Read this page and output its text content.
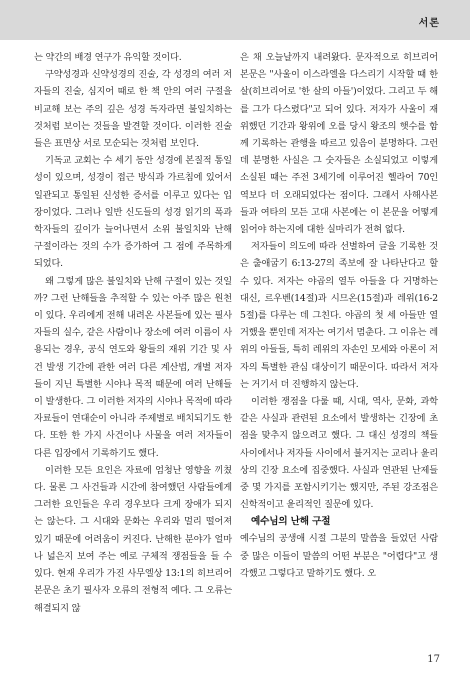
서론

는 약간의 배경 연구가 유익할 것이다.

구약성경과 신약성경의 진술, 각 성경의 여러 저자들의 진술, 심지어 때로 한 책 안의 여러 구절을 비교해 보는 주의 깊은 성경 독자라면 불일치하는 것처럼 보이는 것들을 발견할 것이다. 이러한 진술들은 표면상 서로 모순되는 것처럼 보인다.

기독교 교회는 수 세기 동안 성경에 본질적 통일성이 있으며, 성경이 접근 방식과 가르침에 있어서 일관되고 통일된 신성한 증서를 이루고 있다는 입장이었다. 그러나 일반 신도들의 성경 읽기의 폭과 학자들의 깊이가 늘어나면서 소위 불일치와 난해 구절이라는 것의 수가 증가하여 그 점에 주목하게 되었다.

왜 그렇게 많은 불일치와 난해 구절이 있는 것일까? 그런 난해들을 추적할 수 있는 아주 많은 원천이 있다. 우리에게 전해 내려온 사본들에 있는 필사자들의 실수, 같은 사람이나 장소에 여러 이름이 사용되는 경우, 공식 연도와 왕들의 재위 기간 및 사건 발생 기간에 관한 여러 다른 계산법, 개별 저자들이 지닌 특별한 시야나 목적 때문에 여러 난해들이 발생한다. 그 이러한 저자의 시야나 목적에 따라 자료들이 연대순이 아니라 주제별로 배치되기도 한다. 또한 한 가지 사건이나 사물을 여러 저자들이 다른 입장에서 기록하기도 했다.

이러한 모든 요인은 자료에 엄청난 영향을 끼쳤다. 물론 그 사건들과 시간에 참여했던 사람들에게 그러한 요인들은 우리 경우보다 크게 장애가 되지는 않는다. 그 시대와 문화는 우리와 멀리 떨어져 있기 때문에 어려움이 커진다. 난해한 분야가 얼마나 넓은지 보여 주는 예로 구체적 쟁점들을 들 수 있다. 현재 우리가 가진 사무엘상 13:1의 히브리어 본문은 초기 필사자 오류의 전형적 예다. 그 오류는 해결되지 않

은 채 오늘날까지 내려왔다. 문자적으로 히브리어 본문은 "사울이 이스라엘을 다스리기 시작할 때 한 살(히브리어로 '한 살의 아들')이었다. 그리고 두 해를 그가 다스렸다"고 되어 있다. 저자가 사울이 재위했던 기간과 왕위에 오를 당시 왕조의 햇수를 함께 기록하는 관행을 따르고 있음이 분명하다. 그런데 분명한 사실은 그 숫자들은 소실되었고 이렇게 소실된 때는 주전 3세기에 이루어진 헬라어 70인역보다 더 오래되었다는 점이다. 그래서 사해사본들과 여타의 모든 고대 사본에는 이 본문을 어떻게 읽어야 하는지에 대한 실마리가 전혀 없다.

저자들이 의도에 따라 선별하여 글을 기록한 것은 출애굽기 6:13-27의 족보에 잘 나타난다고 할 수 있다. 저자는 야곱의 열두 아들을 다 거명하는 대신, 르우벤(14절)과 시므온(15절)과 레위(16-25절)를 다루는 데 그친다. 야곱의 첫 세 아들만 열거했을 뿐인데 저자는 여기서 멈춘다. 그 이유는 레위의 아들들, 특히 레위의 자손인 모세와 아론이 저자의 특별한 관심 대상이기 때문이다. 따라서 저자는 거기서 더 진행하지 않는다.

이러한 쟁점을 다룰 때, 시대, 역사, 문화, 과학 같은 사실과 관련된 요소에서 발생하는 긴장에 초점을 맞추지 않으려고 했다. 그 대신 성경의 책들 사이에서나 저자들 사이에서 불거지는 교리나 윤리상의 긴장 요소에 집중했다. 사실과 연관된 난제들 중 몇 가지를 포함시키기는 했지만, 주된 강조점은 신학적이고 윤리적인 질문에 있다.

예수님의 난해 구절

예수님의 공생애 시절 그분의 말씀을 들었던 사람 중 많은 이들이 말씀의 어떤 부분은 "어렵다"고 생각했고 그렇다고 말하기도 했다. 오

17
